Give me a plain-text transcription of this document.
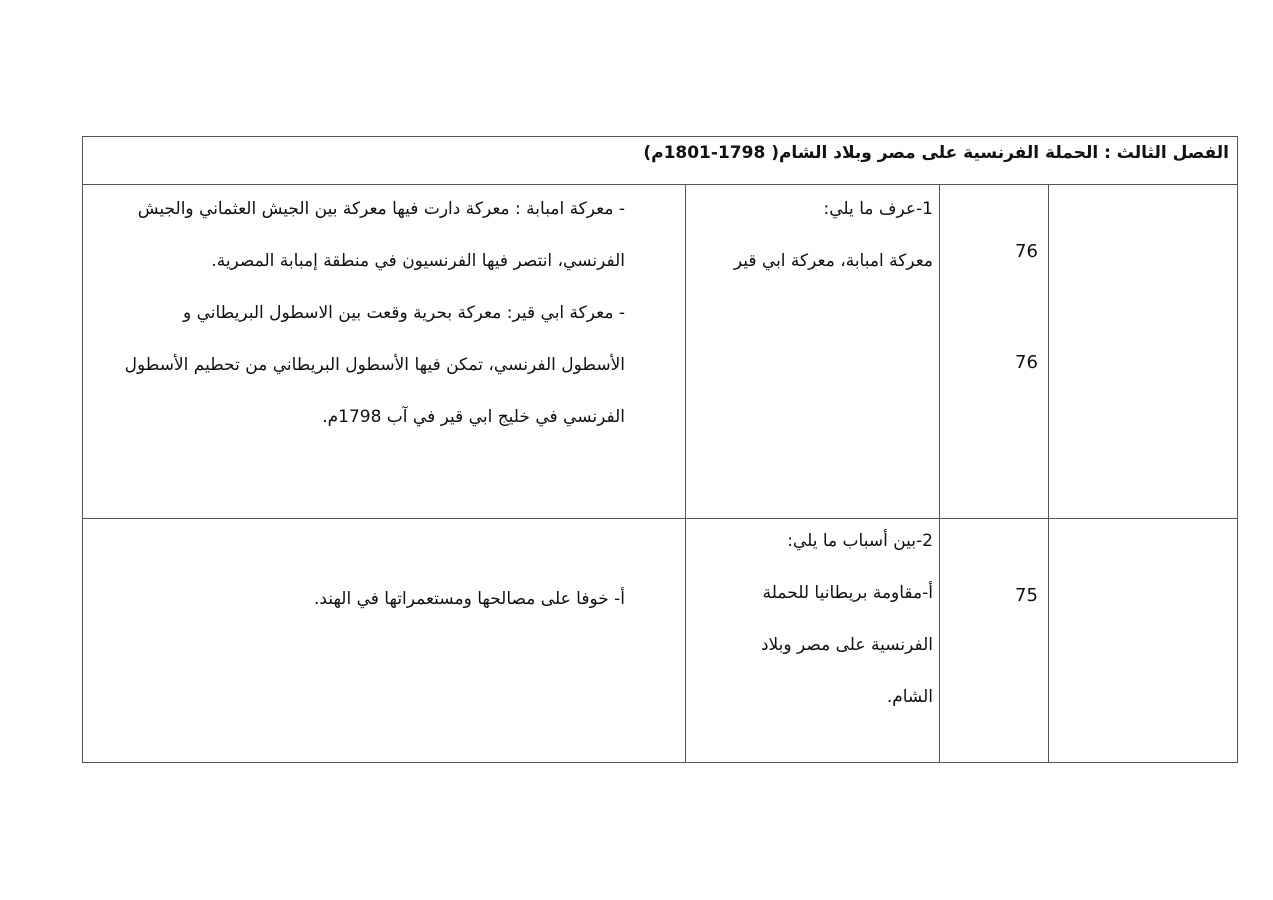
الفصل الثالث : الحملة الفرنسية على مصر وبلاد الشام( 1798-1801م)
76
76
1-عرف ما يلي:
معركة امبابة، معركة ابي قير
- معركة امبابة : معركة دارت فيها معركة بين الجيش العثماني والجيش الفرنسي، انتصر فيها الفرنسيون في منطقة إمبابة المصرية.
- معركة ابي قير: معركة بحرية وقعت بين الاسطول البريطاني و الأسطول الفرنسي، تمكن فيها الأسطول البريطاني من تحطيم الأسطول الفرنسي في خليج ابي قير في آب 1798م.
75
2-بين أسباب ما يلي:
أ-مقاومة بريطانيا للحملة الفرنسية على مصر وبلاد الشام.
أ- خوفا على مصالحها ومستعمراتها في الهند.
